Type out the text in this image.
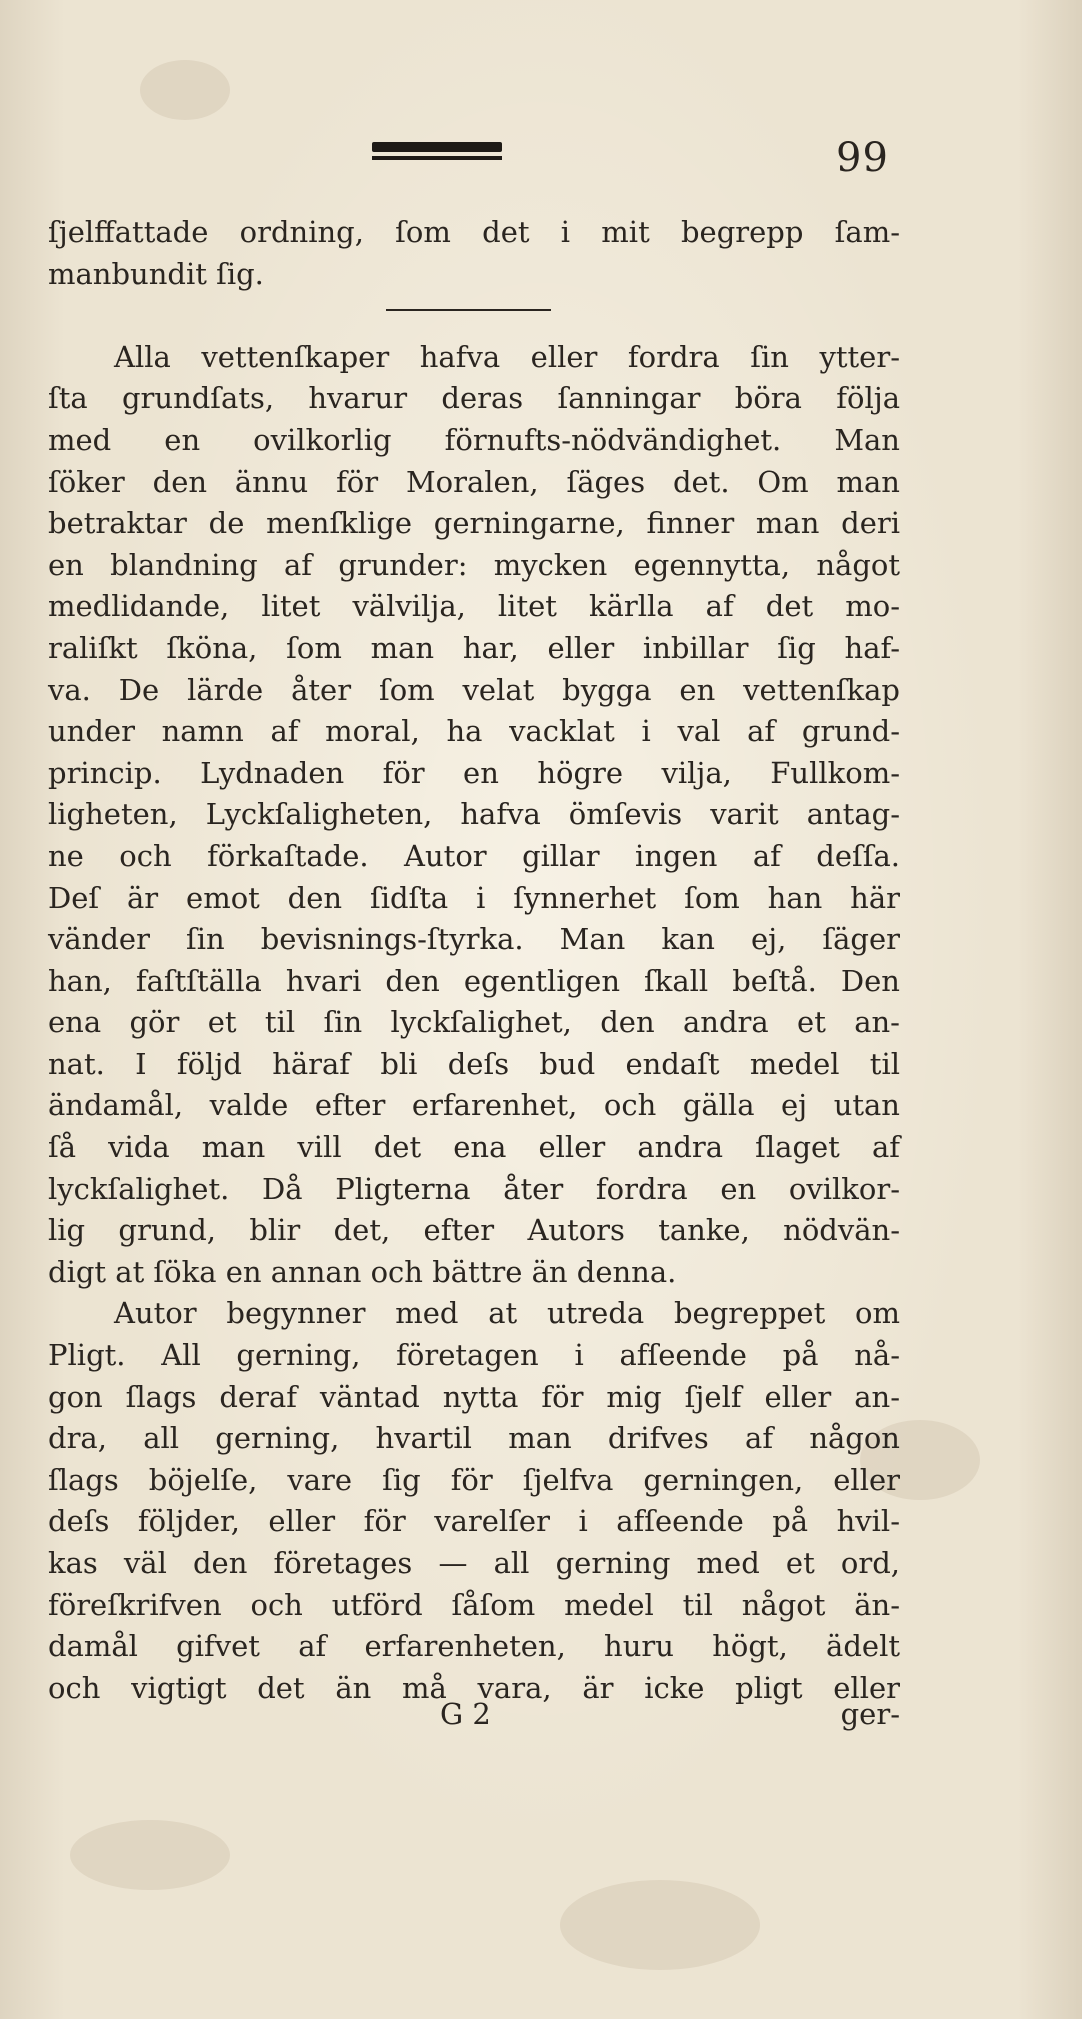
99
ſjelffattade ordning, ſom det i mit begrepp ſam-
manbundit ſig.
Alla vettenſkaper hafva eller fordra ſin ytter-
ſta grundſats, hvarur deras ſanningar böra följa
med en ovilkorlig förnufts-nödvändighet. Man
ſöker den ännu för Moralen, ſäges det. Om man
betraktar de menſklige gerningarne, finner man deri
en blandning af grunder: mycken egennytta, något
medlidande, litet välvilja, litet kärlla af det mo-
raliſkt ſköna, ſom man har, eller inbillar ſig haf-
va. De lärde åter ſom velat bygga en vettenſkap
under namn af moral, ha vacklat i val af grund-
princip. Lydnaden för en högre vilja, Fullkom-
ligheten, Lyckſaligheten, hafva ömſevis varit antag-
ne och förkaſtade. Autor gillar ingen af deſſa.
Deſ är emot den ſidſta i ſynnerhet ſom han här
vänder ſin bevisnings-ſtyrka. Man kan ej, ſäger
han, faſtſtälla hvari den egentligen ſkall beſtå. Den
ena gör et til ſin lyckſalighet, den andra et an-
nat. I följd häraf bli deſs bud endaſt medel til
ändamål, valde efter erfarenhet, och gälla ej utan
ſå vida man vill det ena eller andra ſlaget af
lyckſalighet. Då Pligterna åter fordra en ovilkor-
lig grund, blir det, efter Autors tanke, nödvän-
digt at ſöka en annan och bättre än denna.
Autor begynner med at utreda begreppet om
Pligt. All gerning, företagen i afſeende på nå-
gon ſlags deraf väntad nytta för mig ſjelf eller an-
dra, all gerning, hvartil man drifves af någon
ſlags böjelſe, vare ſig för ſjelfva gerningen, eller
deſs följder, eller för varelſer i afſeende på hvil-
kas väl den företages — all gerning med et ord,
föreſkrifven och utförd ſåſom medel til något än-
damål gifvet af erfarenheten, huru högt, ädelt
och vigtigt det än må vara, är icke pligt eller
G 2	ger-
